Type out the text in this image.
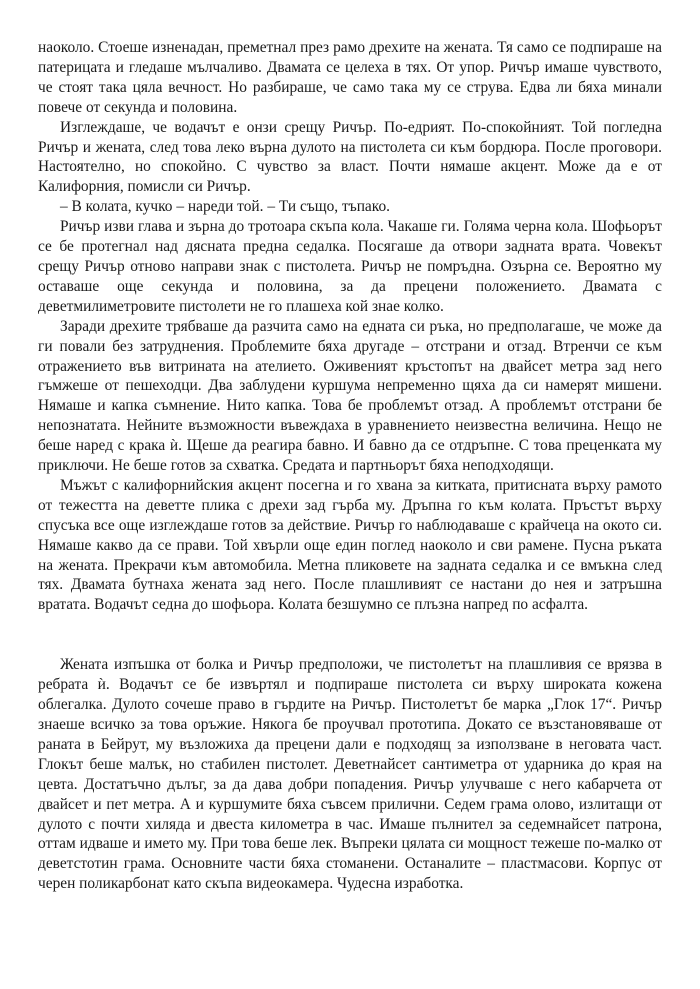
наоколо. Стоеше изненадан, преметнал през рамо дрехите на жената. Тя само се подпираше на патерицата и гледаше мълчаливо. Двамата се целеха в тях. От упор. Ричър имаше чувството, че стоят така цяла вечност. Но разбираше, че само така му се струва. Едва ли бяха минали повече от секунда и половина.

Изглеждаше, че водачът е онзи срещу Ричър. По-едрият. По-спокойният. Той погледна Ричър и жената, след това леко върна дулото на пистолета си към бордюра. После проговори. Настоятелно, но спокойно. С чувство за власт. Почти нямаше акцент. Може да е от Калифорния, помисли си Ричър.

– В колата, кучко – нареди той. – Ти също, тъпако.

Ричър изви глава и зърна до тротоара скъпа кола. Чакаше ги. Голяма черна кола. Шофьорът се бе протегнал над дясната предна седалка. Посягаше да отвори задната врата. Човекът срещу Ричър отново направи знак с пистолета. Ричър не помръдна. Озърна се. Вероятно му оставаше още секунда и половина, за да прецени положението. Двамата с деветмилиметровите пистолети не го плашеха кой знае колко.

Заради дрехите трябваше да разчита само на едната си ръка, но предполагаше, че може да ги повали без затруднения. Проблемите бяха другаде – отстрани и отзад. Втренчи се към отражението във витрината на ателието. Оживеният кръстопът на двайсет метра зад него гъмжеше от пешеходци. Два заблудени куршума непременно щяха да си намерят мишени. Нямаше и капка съмнение. Нито капка. Това бе проблемът отзад. А проблемът отстрани бе непознатата. Нейните възможности въвеждаха в уравнението неизвестна величина. Нещо не беше наред с крака ѝ. Щеше да реагира бавно. И бавно да се отдръпне. С това преценката му приключи. Не беше готов за схватка. Средата и партньорът бяха неподходящи.

Мъжът с калифорнийския акцент посегна и го хвана за китката, притисната върху рамото от тежестта на деветте плика с дрехи зад гърба му. Дръпна го към колата. Пръстът върху спусъка все още изглеждаше готов за действие. Ричър го наблюдаваше с крайчеца на окото си. Нямаше какво да се прави. Той хвърли още един поглед наоколо и сви рамене. Пусна ръката на жената. Прекрачи към автомобила. Метна пликовете на задната седалка и се вмъкна след тях. Двамата бутнаха жената зад него. После плашливият се настани до нея и затръшна вратата. Водачът седна до шофьора. Колата безшумно се плъзна напред по асфалта.

Жената изпъшка от болка и Ричър предположи, че пистолетът на плашливия се врязва в ребрата ѝ. Водачът се бе извъртял и подпираше пистолета си върху широката кожена облегалка. Дулото сочеше право в гърдите на Ричър. Пистолетът бе марка „Глок 17“. Ричър знаеше всичко за това оръжие. Някога бе проучвал прототипа. Докато се възстановяваше от раната в Бейрут, му възложиха да прецени дали е подходящ за използване в неговата част. Глокът беше малък, но стабилен пистолет. Деветнайсет сантиметра от ударника до края на цевта. Достатъчно дълъг, за да дава добри попадения. Ричър улучваше с него кабарчета от двайсет и пет метра. А и куршумите бяха съвсем прилични. Седем грама олово, излитащи от дулото с почти хиляда и двеста километра в час. Имаше пълнител за седемнайсет патрона, оттам идваше и името му. При това беше лек. Въпреки цялата си мощност тежеше по-малко от деветстотин грама. Основните части бяха стоманени. Останалите – пластмасови. Корпус от черен поликарбонат като скъпа видеокамера. Чудесна изработка.
